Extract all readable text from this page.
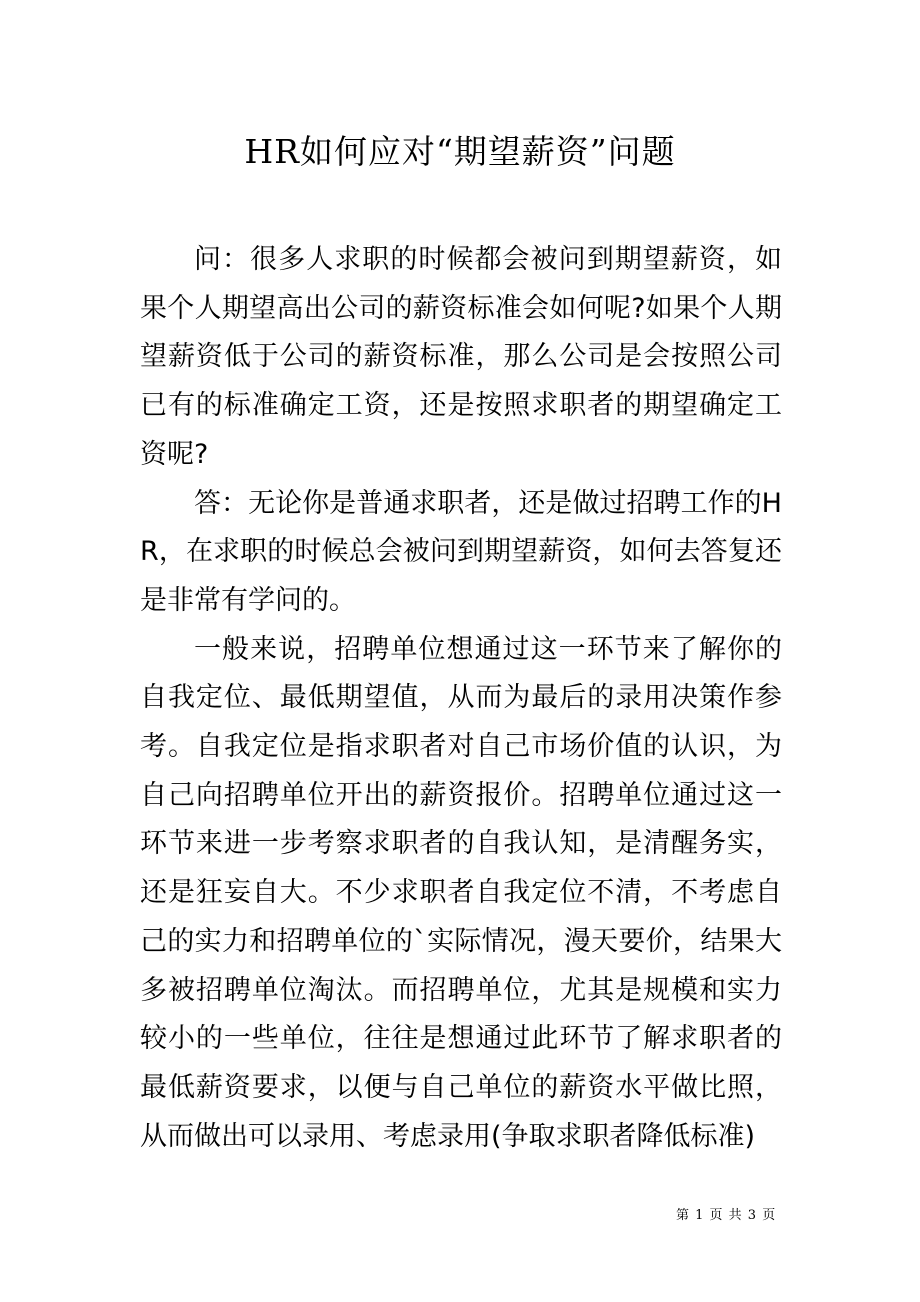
HR如何应对“期望薪资”问题

问：很多人求职的时候都会被问到期望薪资，如果个人期望高出公司的薪资标准会如何呢?如果个人期望薪资低于公司的薪资标准，那么公司是会按照公司已有的标准确定工资，还是按照求职者的期望确定工资呢?

答：无论你是普通求职者，还是做过招聘工作的HR，在求职的时候总会被问到期望薪资，如何去答复还是非常有学问的。

一般来说，招聘单位想通过这一环节来了解你的自我定位、最低期望值，从而为最后的录用决策作参考。自我定位是指求职者对自己市场价值的认识，为自己向招聘单位开出的薪资报价。招聘单位通过这一环节来进一步考察求职者的自我认知，是清醒务实，还是狂妄自大。不少求职者自我定位不清，不考虑自己的实力和招聘单位的`实际情况，漫天要价，结果大多被招聘单位淘汰。而招聘单位，尤其是规模和实力较小的一些单位，往往是想通过此环节了解求职者的最低薪资要求，以便与自己单位的薪资水平做比照，从而做出可以录用、考虑录用(争取求职者降低标准)

第 1 页 共 3 页
